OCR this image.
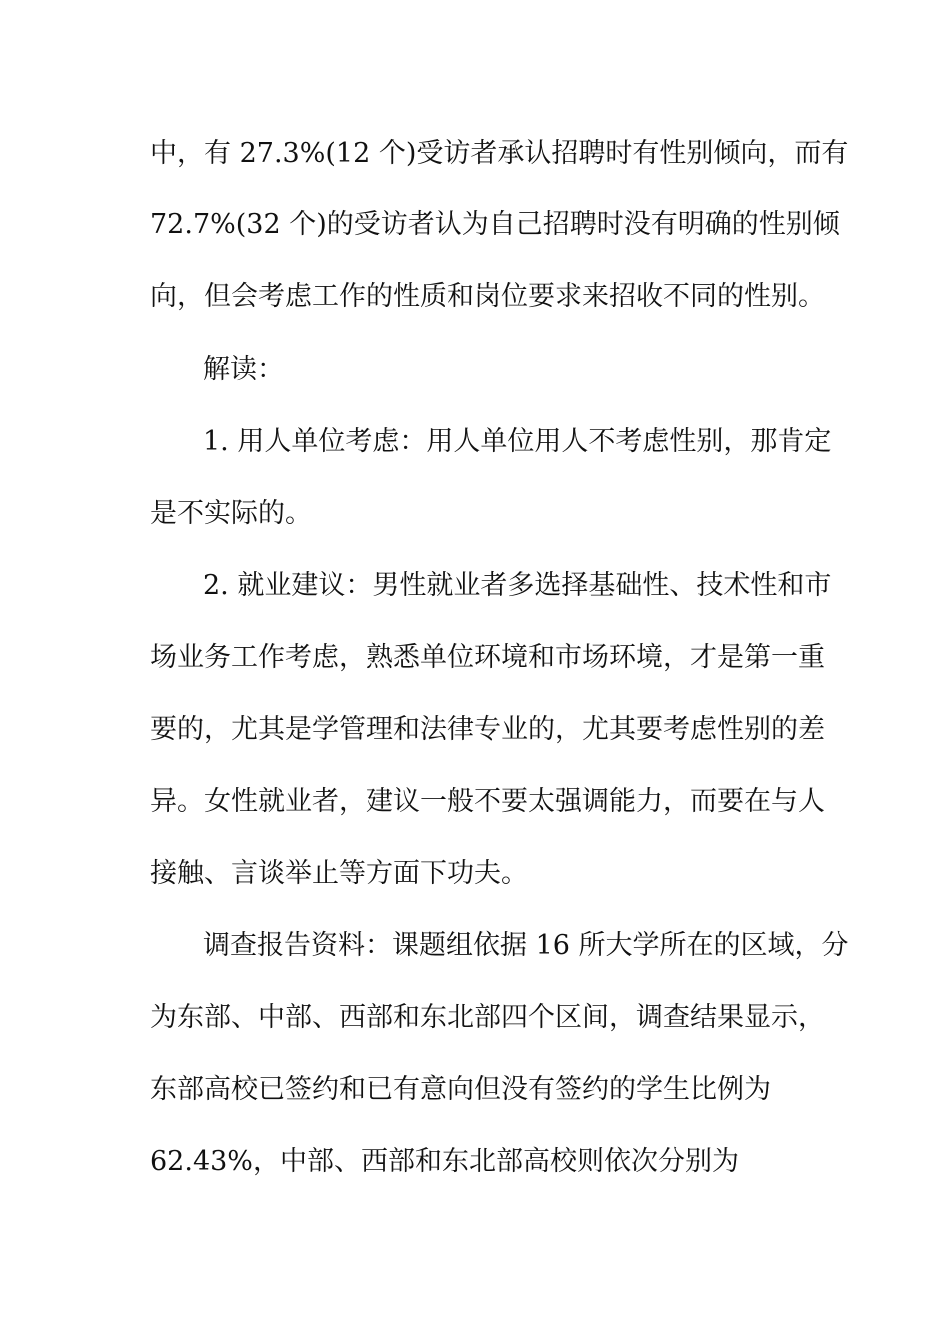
中，有 27.3%(12 个)受访者承认招聘时有性别倾向，而有
72.7%(32 个)的受访者认为自己招聘时没有明确的性别倾
向，但会考虑工作的性质和岗位要求来招收不同的性别。
解读：
1. 用人单位考虑：用人单位用人不考虑性别，那肯定
是不实际的。
2. 就业建议：男性就业者多选择基础性、技术性和市
场业务工作考虑，熟悉单位环境和市场环境，才是第一重
要的，尤其是学管理和法律专业的，尤其要考虑性别的差
异。女性就业者，建议一般不要太强调能力，而要在与人
接触、言谈举止等方面下功夫。
调查报告资料：课题组依据 16 所大学所在的区域，分
为东部、中部、西部和东北部四个区间，调查结果显示，
东部高校已签约和已有意向但没有签约的学生比例为
62.43%，中部、西部和东北部高校则依次分别为
